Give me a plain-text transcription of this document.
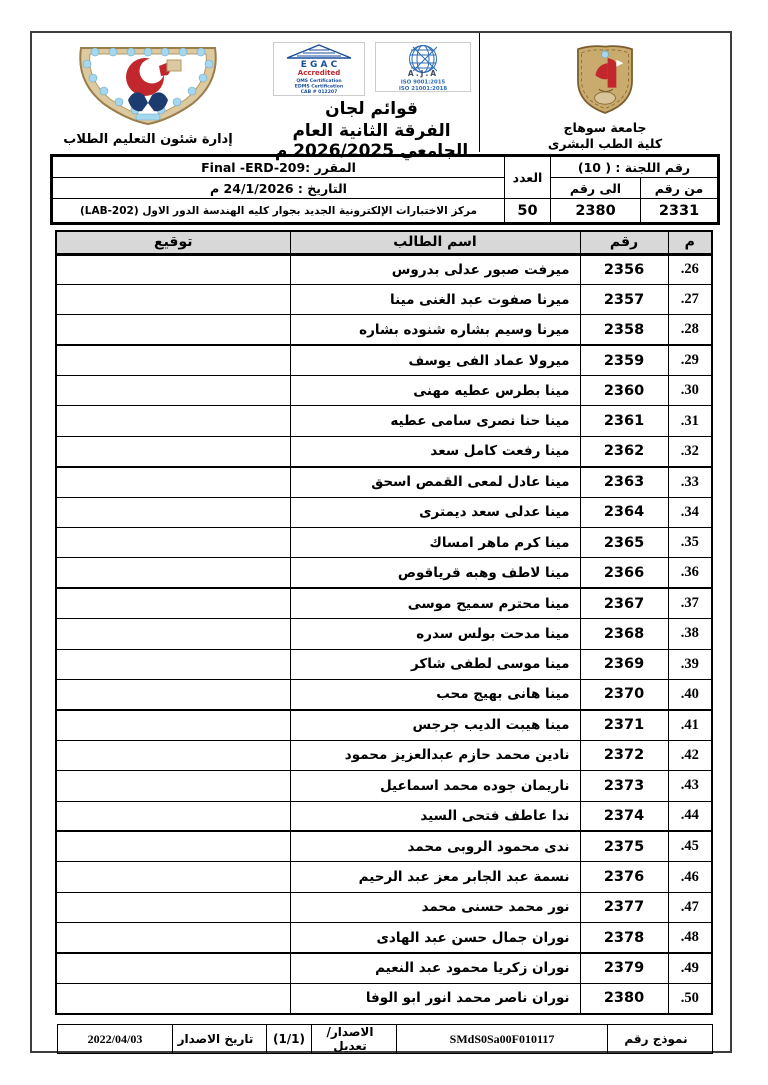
إدارة شئون التعليم الطلاب
E G A C
Accredited
QMS Certification
EDMS Certification
CAB # 012207
A.J.A
ISO 9001:2015
ISO 21001:2018
قوائم لجان
الفرقة الثانية العام الجامعي 2026/2025 م
جامعة سوهاج
كلية الطب البشرى
رقم اللجنة : ( 10)		العدد	المقرر :Final -ERD-209
من رقم	الى رقم		التاريخ : 24/1/2026 م
2331	2380	50	مركز الاختبارات الإلكترونية الجديد بجوار كليه الهندسة الدور الاول (LAB-202)
م	رقم	اسم الطالب	توقيع
26.	2356	ميرفت صبور عدلى بدروس	
27.	2357	ميرنا صفوت عبد الغنى مينا	
28.	2358	ميرنا وسيم بشاره شنوده بشاره	
29.	2359	ميرولا عماد الفى يوسف	
30.	2360	مينا بطرس عطيه مهنى	
31.	2361	مينا حنا نصرى سامى عطيه	
32.	2362	مينا رفعت كامل سعد	
33.	2363	مينا عادل لمعى القمص اسحق	
34.	2364	مينا عدلى سعد ديمترى	
35.	2365	مينا كرم ماهر امساك	
36.	2366	مينا لاطف وهبه قرياقوص	
37.	2367	مينا محترم سميح موسى	
38.	2368	مينا مدحت بولس سدره	
39.	2369	مينا موسى لطفى شاكر	
40.	2370	مينا هانى بهيج محب	
41.	2371	مينا هيبت الديب جرجس	
42.	2372	نادين محمد حازم عبدالعزيز محمود	
43.	2373	ناريمان جوده محمد اسماعيل	
44.	2374	ندا عاطف فتحى السيد	
45.	2375	ندى محمود الروبى محمد	
46.	2376	نسمة عبد الجابر معز عبد الرحيم	
47.	2377	نور محمد حسنى محمد	
48.	2378	نوران جمال حسن عبد الهادى	
49.	2379	نوران زكريا محمود عبد النعيم	
50.	2380	نوران ناصر محمد انور ابو الوفا	
نموذج رقم	SMdS0Sa00F010117	الاصدار/تعديل	(1/1)	تاريخ الاصدار	2022/04/03
